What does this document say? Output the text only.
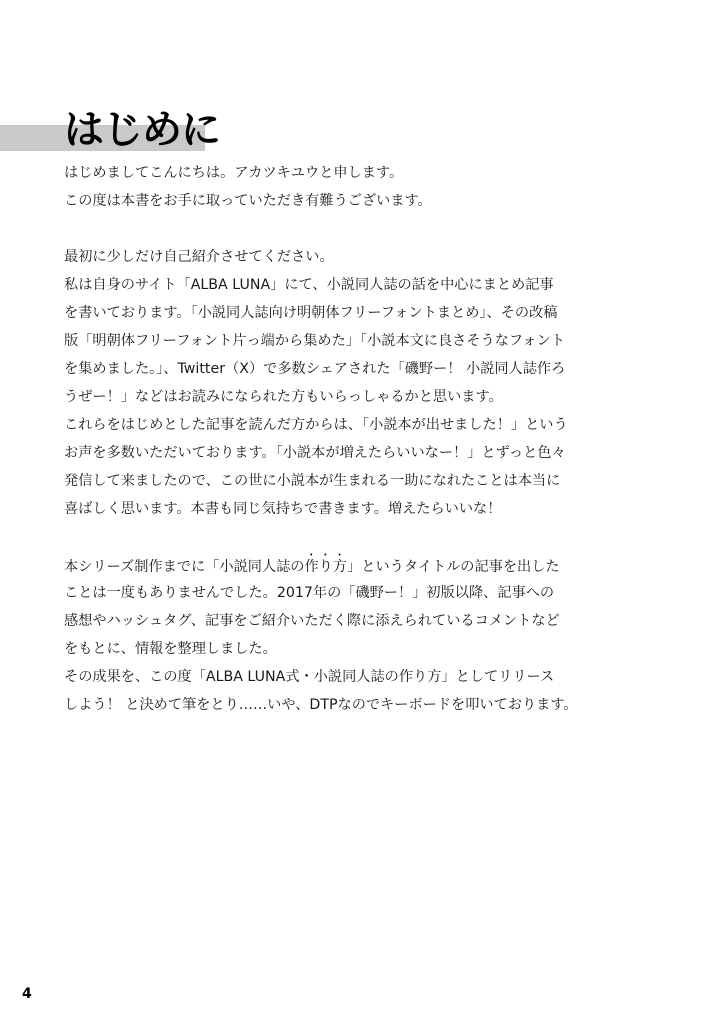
はじめに
はじめましてこんにちは。アカツキユウと申します。
この度は本書をお手に取っていただき有難うございます。
最初に少しだけ自己紹介させてください。
私は自身のサイト「ALBA LUNA」にて、小説同人誌の話を中心にまとめ記事
を書いております。「小説同人誌向け明朝体フリーフォントまとめ」、その改稿
版「明朝体フリーフォント片っ端から集めた」「小説本文に良さそうなフォント
を集めました。」、Twitter（X）で多数シェアされた「磯野ー！ 小説同人誌作ろ
うぜー！」などはお読みになられた方もいらっしゃるかと思います。
これらをはじめとした記事を読んだ方からは、「小説本が出せました！」という
お声を多数いただいております。「小説本が増えたらいいなー！」とずっと色々
発信して来ましたので、この世に小説本が生まれる一助になれたことは本当に
喜ばしく思います。本書も同じ気持ちで書きます。増えたらいいな！
本シリーズ制作までに「小説同人誌の作り方」というタイトルの記事を出した
ことは一度もありませんでした。2017年の「磯野ー！」初版以降、記事への
感想やハッシュタグ、記事をご紹介いただく際に添えられているコメントなど
をもとに、情報を整理しました。
その成果を、この度「ALBA LUNA式・小説同人誌の作り方」としてリリース
しよう！ と決めて筆をとり……いや、DTPなのでキーボードを叩いております。
4
